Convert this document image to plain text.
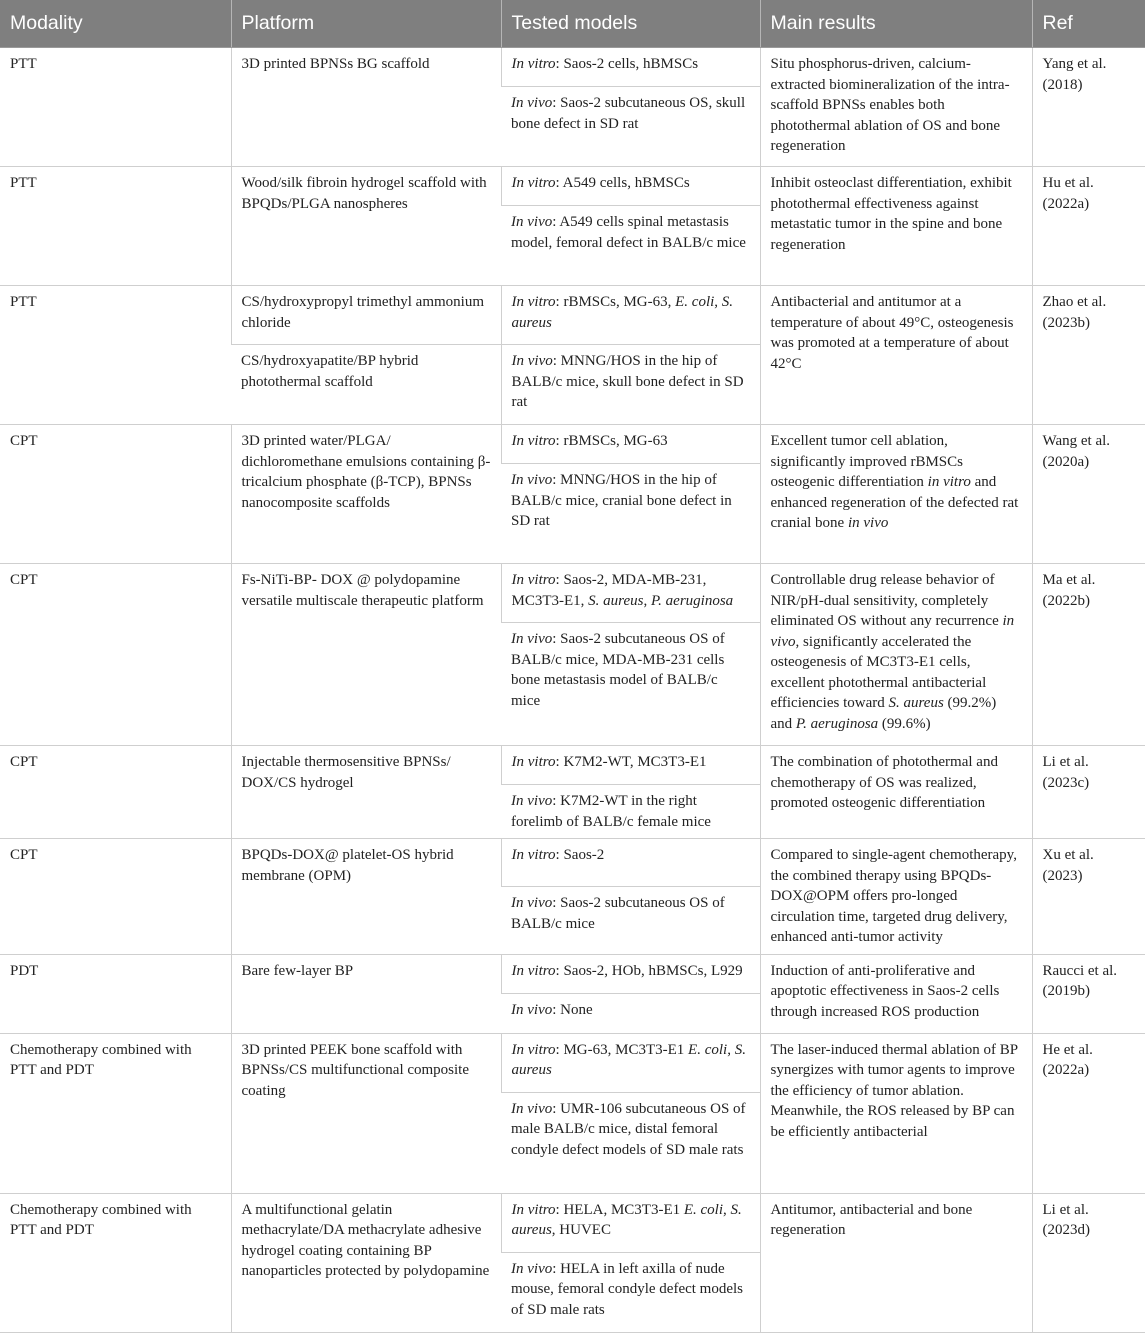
Modality	Platform	Tested models	Main results	Ref
PTT	3D printed BPNSs BG scaffold	In vitro: Saos-2 cells, hBMSCs	Situ phosphorus-driven, calcium-extracted biomineralization of the intra-scaffold BPNSs enables both photothermal ablation of OS and bone regeneration	Yang et al. (2018)
		In vivo: Saos-2 subcutaneous OS, skull bone defect in SD rat		
PTT	Wood/silk fibroin hydrogel scaffold with BPQDs/PLGA nanospheres	In vitro: A549 cells, hBMSCs	Inhibit osteoclast differentiation, exhibit photothermal effectiveness against metastatic tumor in the spine and bone regeneration	Hu et al. (2022a)
		In vivo: A549 cells spinal metastasis model, femoral defect in BALB/c mice		
PTT	CS/hydroxypropyl trimethyl ammonium chloride	In vitro: rBMSCs, MG-63, E. coli, S. aureus	Antibacterial and antitumor at a temperature of about 49°C, osteogenesis was promoted at a temperature of about 42°C	Zhao et al. (2023b)
	CS/hydroxyapatite/BP hybrid photothermal scaffold	In vivo: MNNG/HOS in the hip of BALB/c mice, skull bone defect in SD rat		
CPT	3D printed water/PLGA/ dichloromethane emulsions containing β-tricalcium phosphate (β-TCP), BPNSs nanocomposite scaffolds	In vitro: rBMSCs, MG-63	Excellent tumor cell ablation, significantly improved rBMSCs osteogenic differentiation in vitro and enhanced regeneration of the defected rat cranial bone in vivo	Wang et al. (2020a)
		In vivo: MNNG/HOS in the hip of BALB/c mice, cranial bone defect in SD rat		
CPT	Fs-NiTi-BP- DOX @ polydopamine versatile multiscale therapeutic platform	In vitro: Saos-2, MDA-MB-231, MC3T3-E1, S. aureus, P. aeruginosa	Controllable drug release behavior of NIR/pH-dual sensitivity, completely eliminated OS without any recurrence in vivo, significantly accelerated the osteogenesis of MC3T3-E1 cells, excellent photothermal antibacterial efficiencies toward S. aureus (99.2%) and P. aeruginosa (99.6%)	Ma et al. (2022b)
		In vivo: Saos-2 subcutaneous OS of BALB/c mice, MDA-MB-231 cells bone metastasis model of BALB/c mice		
CPT	Injectable thermosensitive BPNSs/ DOX/CS hydrogel	In vitro: K7M2-WT, MC3T3-E1	The combination of photothermal and chemotherapy of OS was realized, promoted osteogenic differentiation	Li et al. (2023c)
		In vivo: K7M2-WT in the right forelimb of BALB/c female mice		
CPT	BPQDs-DOX@ platelet-OS hybrid membrane (OPM)	In vitro: Saos-2	Compared to single-agent chemotherapy, the combined therapy using BPQDs-DOX@OPM offers pro-longed circulation time, targeted drug delivery, enhanced anti-tumor activity	Xu et al. (2023)
		In vivo: Saos-2 subcutaneous OS of BALB/c mice		
PDT	Bare few-layer BP	In vitro: Saos-2, HOb, hBMSCs, L929	Induction of anti-proliferative and apoptotic effectiveness in Saos-2 cells through increased ROS production	Raucci et al. (2019b)
		In vivo: None		
Chemotherapy combined with PTT and PDT	3D printed PEEK bone scaffold with BPNSs/CS multifunctional composite coating	In vitro: MG-63, MC3T3-E1 E. coli, S. aureus	The laser-induced thermal ablation of BP synergizes with tumor agents to improve the efficiency of tumor ablation. Meanwhile, the ROS released by BP can be efficiently antibacterial	He et al. (2022a)
		In vivo: UMR-106 subcutaneous OS of male BALB/c mice, distal femoral condyle defect models of SD male rats		
Chemotherapy combined with PTT and PDT	A multifunctional gelatin methacrylate/DA methacrylate adhesive hydrogel coating containing BP nanoparticles protected by polydopamine	In vitro: HELA, MC3T3-E1 E. coli, S. aureus, HUVEC	Antitumor, antibacterial and bone regeneration	Li et al. (2023d)
		In vivo: HELA in left axilla of nude mouse, femoral condyle defect models of SD male rats		
